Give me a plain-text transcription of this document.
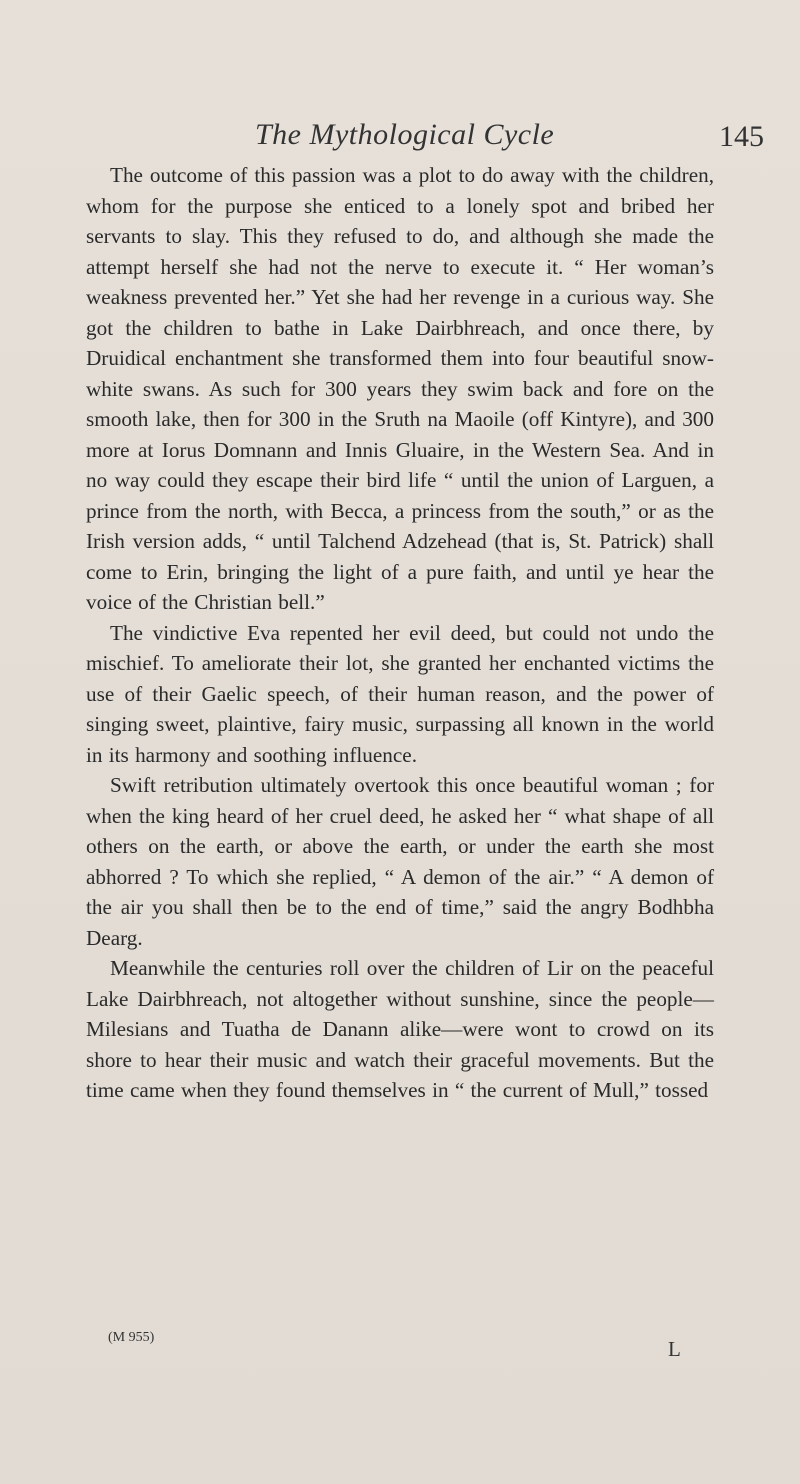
The Mythological Cycle	145

The outcome of this passion was a plot to do away with the children, whom for the purpose she enticed to a lonely spot and bribed her servants to slay. This they refused to do, and although she made the attempt herself she had not the nerve to execute it. “ Her woman’s weakness prevented her.” Yet she had her revenge in a curious way. She got the children to bathe in Lake Dairbhreach, and once there, by Druidical enchantment she transformed them into four beautiful snow-white swans. As such for 300 years they swim back and fore on the smooth lake, then for 300 in the Sruth na Maoile (off Kintyre), and 300 more at Iorus Domnann and Innis Gluaire, in the Western Sea. And in no way could they escape their bird life “ until the union of Larguen, a prince from the north, with Becca, a princess from the south,” or as the Irish version adds, “ until Talchend Adzehead (that is, St. Patrick) shall come to Erin, bringing the light of a pure faith, and until ye hear the voice of the Christian bell.”

The vindictive Eva repented her evil deed, but could not undo the mischief. To ameliorate their lot, she granted her enchanted victims the use of their Gaelic speech, of their human reason, and the power of singing sweet, plaintive, fairy music, surpassing all known in the world in its harmony and soothing influence.

Swift retribution ultimately overtook this once beautiful woman ; for when the king heard of her cruel deed, he asked her “ what shape of all others on the earth, or above the earth, or under the earth she most abhorred ? To which she replied, “ A demon of the air.” “ A demon of the air you shall then be to the end of time,” said the angry Bodhbha Dearg.

Meanwhile the centuries roll over the children of Lir on the peaceful Lake Dairbhreach, not altogether without sunshine, since the people—Milesians and Tuatha de Danann alike—were wont to crowd on its shore to hear their music and watch their graceful movements. But the time came when they found themselves in “ the current of Mull,” tossed

(M 955)	L
